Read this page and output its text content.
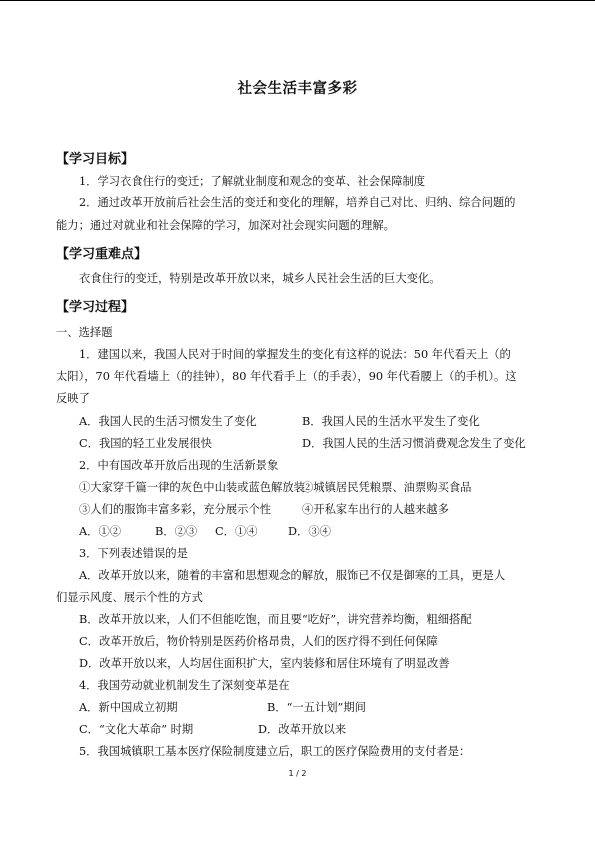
社会生活丰富多彩
【学习目标】
1．学习衣食住行的变迁；了解就业制度和观念的变革、社会保障制度
2．通过改革开放前后社会生活的变迁和变化的理解，培养自己对比、归纳、综合问题的
能力；通过对就业和社会保障的学习，加深对社会现实问题的理解。
【学习重难点】
衣食住行的变迁，特别是改革开放以来，城乡人民社会生活的巨大变化。
【学习过程】
一、选择题
1．建国以来，我国人民对于时间的掌握发生的变化有这样的说法：50 年代看天上（的
太阳），70 年代看墙上（的挂钟），80 年代看手上（的手表），90 年代看腰上（的手机）。这
反映了
A．我国人民的生活习惯发生了变化	B．我国人民的生活水平发生了变化
C．我国的轻工业发展很快	D．我国人民的生活习惯消费观念发生了变化
2．中有国改革开放后出现的生活新景象
①大家穿千篇一律的灰色中山装或蓝色解放装
②城镇居民凭粮票、油票购买食品
③人们的服饰丰富多彩，充分展示个性	④开私家车出行的人越来越多
A．①②	B．②③ C．①④	D．③④
3．下列表述错误的是
A．改革开放以来，随着的丰富和思想观念的解放，服饰已不仅是御寒的工具，更是人
们显示风度、展示个性的方式
B．改革开放以来，人们不但能吃饱，而且要“吃好”，讲究营养均衡，粗细搭配
C．改革开放后，物价特别是医药价格昂贵，人们的医疗得不到任何保障
D．改革开放以来，人均居住面积扩大，室内装修和居住环境有了明显改善
4．我国劳动就业机制发生了深刻变革是在
A．新中国成立初期	B．“一五计划”期间
C．“文化大革命” 时期	D．改革开放以来
5．我国城镇职工基本医疗保险制度建立后，职工的医疗保险费用的支付者是：
1 / 2
